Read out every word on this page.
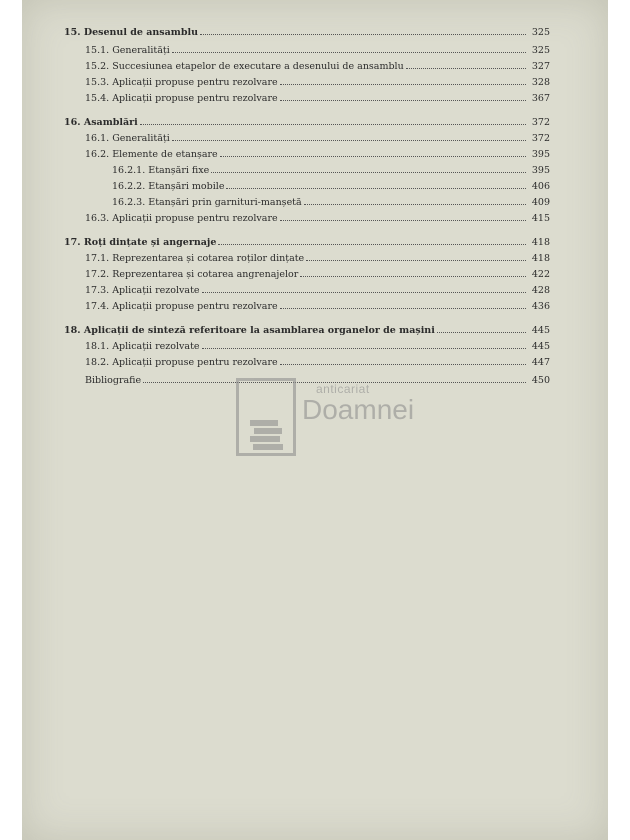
15. Desenul de ansamblu	325
15.1. Generalități	325
15.2. Succesiunea etapelor de executare a desenului de ansamblu	327
15.3. Aplicații propuse pentru rezolvare	328
15.4. Aplicații propuse pentru rezolvare	367
16. Asamblări	372
16.1. Generalități	372
16.2. Elemente de etanșare	395
16.2.1. Etanșări fixe	395
16.2.2. Etanșări mobile	406
16.2.3. Etanșări prin garnituri-manșetă	409
16.3. Aplicații propuse pentru rezolvare	415
17. Roți dințate și angernaje	418
17.1. Reprezentarea și cotarea roților dințate	418
17.2. Reprezentarea și cotarea angrenajelor	422
17.3. Aplicații rezolvate	428
17.4. Aplicații propuse pentru rezolvare	436
18. Aplicații de sinteză referitoare la asamblarea organelor de mașini	445
18.1. Aplicații rezolvate	445
18.2. Aplicații propuse pentru rezolvare	447
Bibliografie	450
anticariat
Doamnei
